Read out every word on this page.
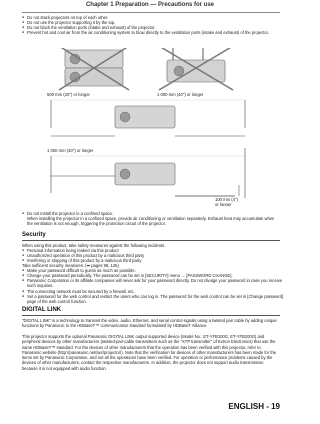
Chapter 1 Preparation — Precautions for use
● Do not stack projectors on top of each other.
● Do not use the projector supporting it by the top.
● Do not block the ventilation ports (intake and exhaust) of the projector.
● Prevent hot and cool air from the air conditioning system to blow directly to the ventilation ports (intake and exhaust) of the projector.
500 mm (20") or longer	1 000 mm (40") or longer
1 000 mm (40") or longer
100 mm (4")
or longer
● Do not install the projector in a confined space.
When installing the projector in a confined space, provide air conditioning or ventilation separately. Exhaust heat may accumulate when the ventilation is not enough, triggering the protection circuit of the projector.
Security
When using this product, take safety measures against the following incidents.
● Personal information being leaked via this product
● Unauthorized operation of this product by a malicious third party
● Interfering or stopping of this product by a malicious third party
Take sufficient security measures. (➡ pages 98, 125)
● Make your password difficult to guess as much as possible.
● Change your password periodically. The password can be set in [SECURITY] menu → [PASSWORD CHANGE].
● Panasonic Corporation or its affiliate companies will never ask for your password directly. Do not divulge your password in case you receive such inquiries.
● The connecting network must be secured by a firewall, etc.
● Set a password for the web control and restrict the users who can log in. The password for the web control can be set in [Change password] page of the web control function.
DIGITAL LINK
"DIGITAL LINK" is a technology to transmit the video, audio, Ethernet, and serial control signals using a twisted pair cable by adding unique functions by Panasonic to the HDBaseT™ communication standard formulated by HDBaseT Alliance.
This projector supports the optional Panasonic DIGITAL LINK output supported device (Model No.: ET-YFB100G, ET-YFB200G) and peripheral devices by other manufacturers (twisted-pair-cable transmitters such as the "XTP transmitter" of Extron Electronics) that use the same HDBaseT™ standard. For the devices of other manufacturers that the operation has been verified with this projector, refer to Panasonic website (http://panasonic.net/avc/projector/). Note that the verification for devices of other manufacturers has been made for the items set by Panasonic Corporation, and not all the operations have been verified. For operation or performance problems caused by the devices of other manufacturers, contact the respective manufacturers. In addition, the projector does not support audio transmission because it is not equipped with audio function.
ENGLISH - 19
